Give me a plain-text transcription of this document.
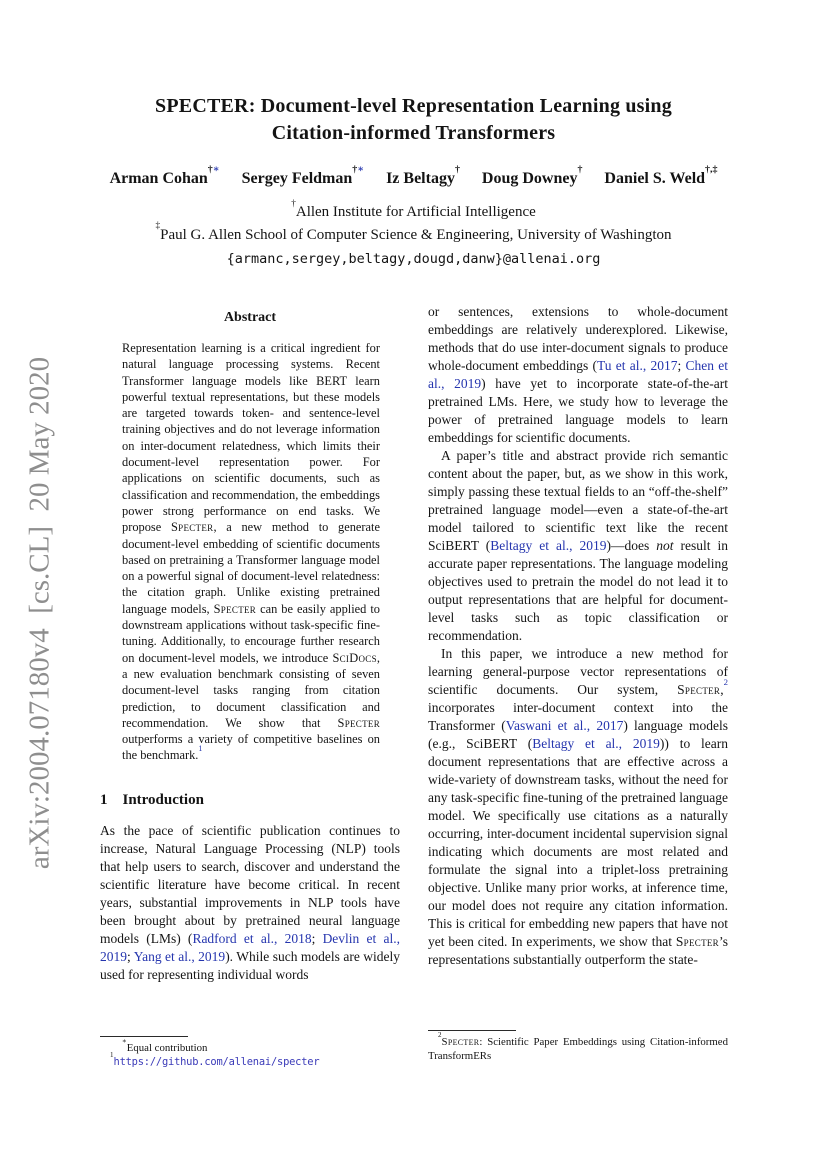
arXiv:2004.07180v4  [cs.CL]  20 May 2020
SPECTER: Document-level Representation Learning using
Citation-informed Transformers
Arman Cohan†∗ Sergey Feldman†∗ Iz Beltagy† Doug Downey† Daniel S. Weld†,‡
†Allen Institute for Artificial Intelligence
‡Paul G. Allen School of Computer Science & Engineering, University of Washington
{armanc,sergey,beltagy,dougd,danw}@allenai.org
Abstract
Representation learning is a critical ingredient for natural language processing systems. Recent Transformer language models like BERT learn powerful textual representations, but these models are targeted towards token- and sentence-level training objectives and do not leverage information on inter-document relatedness, which limits their document-level representation power. For applications on scientific documents, such as classification and recommendation, the embeddings power strong performance on end tasks. We propose Specter, a new method to generate document-level embedding of scientific documents based on pretraining a Transformer language model on a powerful signal of document-level relatedness: the citation graph. Unlike existing pretrained language models, Specter can be easily applied to downstream applications without task-specific fine-tuning. Additionally, to encourage further research on document-level models, we introduce SciDocs, a new evaluation benchmark consisting of seven document-level tasks ranging from citation prediction, to document classification and recommendation. We show that Specter outperforms a variety of competitive baselines on the benchmark.$^1$
1 Introduction
As the pace of scientific publication continues to increase, Natural Language Processing (NLP) tools that help users to search, discover and understand the scientific literature have become critical. In recent years, substantial improvements in NLP tools have been brought about by pretrained neural language models (LMs) (Radford et al., 2018; Devlin et al., 2019; Yang et al., 2019). While such models are widely used for representing individual words
or sentences, extensions to whole-document embeddings are relatively underexplored. Likewise, methods that do use inter-document signals to produce whole-document embeddings (Tu et al., 2017; Chen et al., 2019) have yet to incorporate state-of-the-art pretrained LMs. Here, we study how to leverage the power of pretrained language models to learn embeddings for scientific documents.
A paper’s title and abstract provide rich semantic content about the paper, but, as we show in this work, simply passing these textual fields to an “off-the-shelf” pretrained language model—even a state-of-the-art model tailored to scientific text like the recent SciBERT (Beltagy et al., 2019)—does not result in accurate paper representations. The language modeling objectives used to pretrain the model do not lead it to output representations that are helpful for document-level tasks such as topic classification or recommendation.
In this paper, we introduce a new method for learning general-purpose vector representations of scientific documents. Our system, Specter,$^2$ incorporates inter-document context into the Transformer (Vaswani et al., 2017) language models (e.g., SciBERT (Beltagy et al., 2019)) to learn document representations that are effective across a wide-variety of downstream tasks, without the need for any task-specific fine-tuning of the pretrained language model. We specifically use citations as a naturally occurring, inter-document incidental supervision signal indicating which documents are most related and formulate the signal into a triplet-loss pretraining objective. Unlike many prior works, at inference time, our model does not require any citation information. This is critical for embedding new papers that have not yet been cited. In experiments, we show that Specter’s representations substantially outperform the state-
∗Equal contribution
$^1$https://github.com/allenai/specter
$^2$Specter: Scientific Paper Embeddings using Citation-informed TransformERs
